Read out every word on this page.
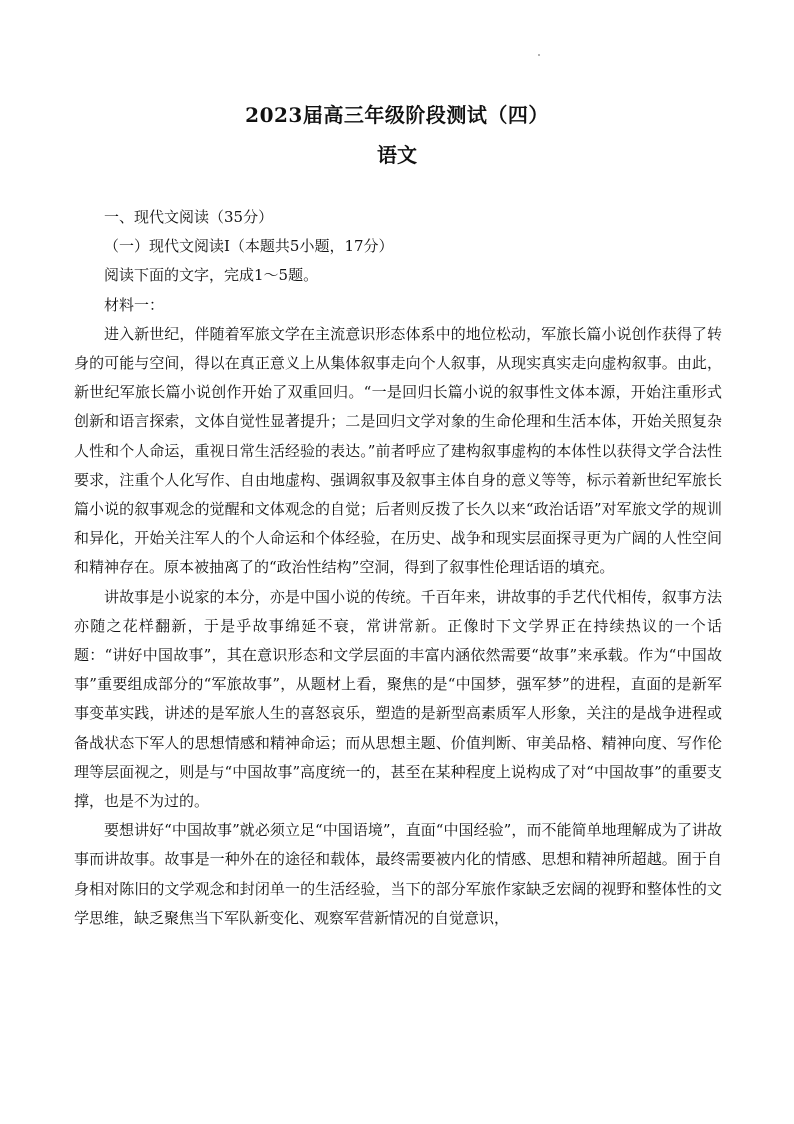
2023届高三年级阶段测试（四）
语文

一、现代文阅读（35分）

（一）现代文阅读I（本题共5小题，17分）

阅读下面的文字，完成1～5题。

材料一：

进入新世纪，伴随着军旅文学在主流意识形态体系中的地位松动，军旅长篇小说创作获得了转身的可能与空间，得以在真正意义上从集体叙事走向个人叙事，从现实真实走向虚构叙事。由此，新世纪军旅长篇小说创作开始了双重回归。“一是回归长篇小说的叙事性文体本源，开始注重形式创新和语言探索，文体自觉性显著提升；二是回归文学对象的生命伦理和生活本体，开始关照复杂人性和个人命运，重视日常生活经验的表达。”前者呼应了建构叙事虚构的本体性以获得文学合法性要求，注重个人化写作、自由地虚构、强调叙事及叙事主体自身的意义等等，标示着新世纪军旅长篇小说的叙事观念的觉醒和文体观念的自觉；后者则反拨了长久以来“政治话语”对军旅文学的规训和异化，开始关注军人的个人命运和个体经验，在历史、战争和现实层面探寻更为广阔的人性空间和精神存在。原本被抽离了的“政治性结构”空洞，得到了叙事性伦理话语的填充。

讲故事是小说家的本分，亦是中国小说的传统。千百年来，讲故事的手艺代代相传，叙事方法亦随之花样翻新，于是乎故事绵延不衰，常讲常新。正像时下文学界正在持续热议的一个话题：“讲好中国故事”，其在意识形态和文学层面的丰富内涵依然需要“故事”来承载。作为“中国故事”重要组成部分的“军旅故事”，从题材上看，聚焦的是“中国梦，强军梦”的进程，直面的是新军事变革实践，讲述的是军旅人生的喜怒哀乐，塑造的是新型高素质军人形象，关注的是战争进程或备战状态下军人的思想情感和精神命运；而从思想主题、价值判断、审美品格、精神向度、写作伦理等层面视之，则是与“中国故事”高度统一的，甚至在某种程度上说构成了对“中国故事”的重要支撑，也是不为过的。

要想讲好“中国故事”就必须立足“中国语境”，直面“中国经验”，而不能简单地理解成为了讲故事而讲故事。故事是一种外在的途径和载体，最终需要被内化的情感、思想和精神所超越。囿于自身相对陈旧的文学观念和封闭单一的生活经验，当下的部分军旅作家缺乏宏阔的视野和整体性的文学思维，缺乏聚焦当下军队新变化、观察军营新情况的自觉意识，
